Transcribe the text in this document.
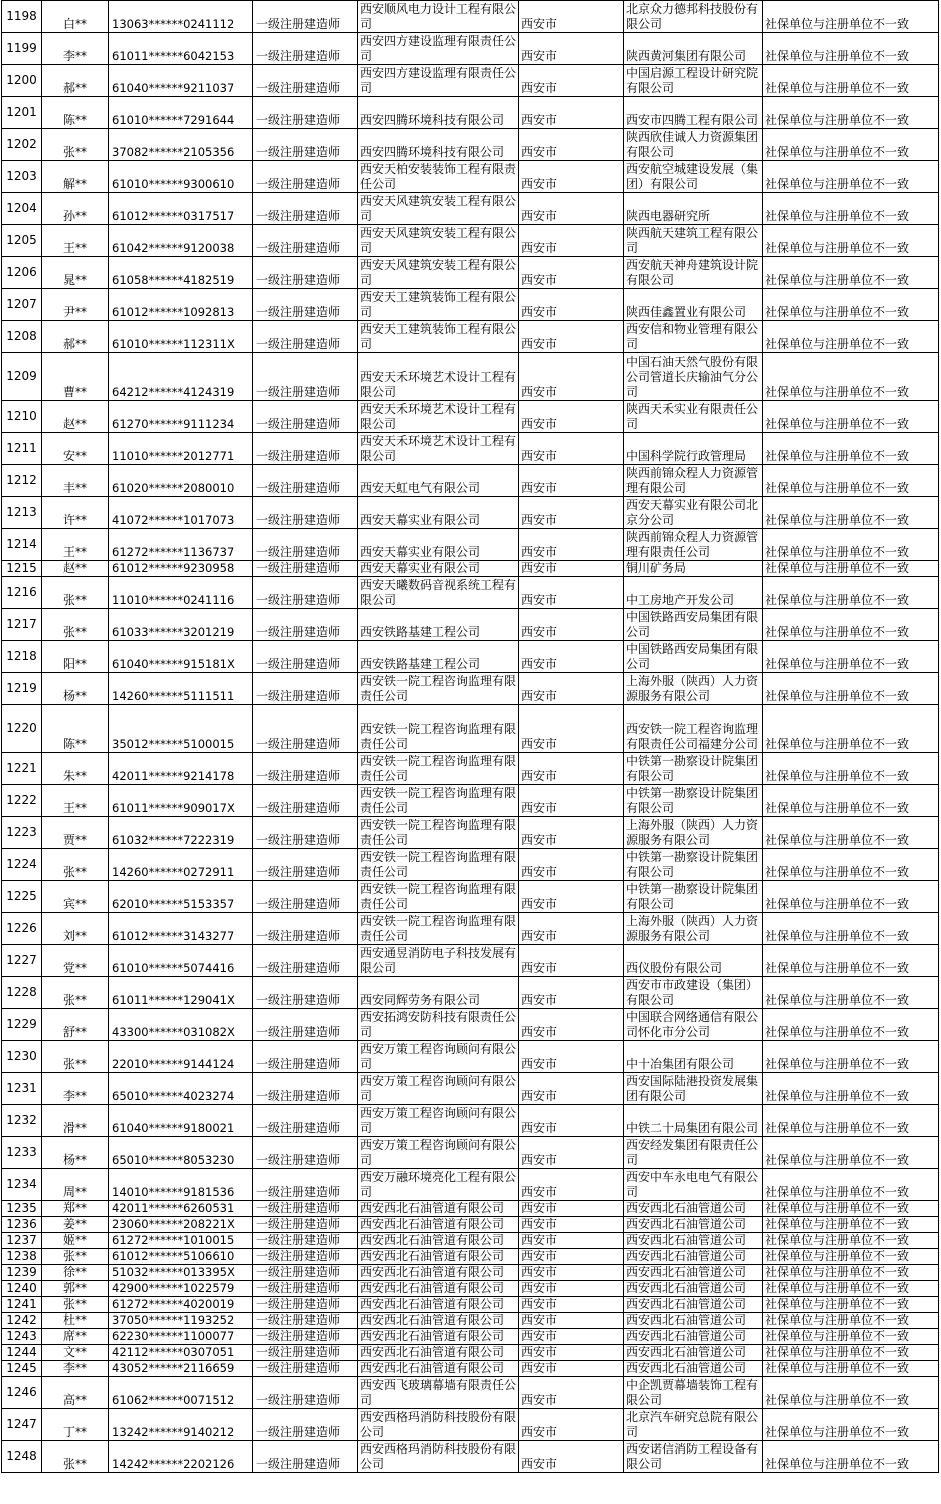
1198	白**	13063******0241112	一级注册建造师	西安顺风电力设计工程有限公司	西安市	北京众力德邦科技股份有限公司	社保单位与注册单位不一致
1199	李**	61011******6042153	一级注册建造师	西安四方建设监理有限责任公司	西安市	陕西黄河集团有限公司	社保单位与注册单位不一致
1200	郝**	61040******9211037	一级注册建造师	西安四方建设监理有限责任公司	西安市	中国启源工程设计研究院有限公司	社保单位与注册单位不一致
1201	陈**	61010******7291644	一级注册建造师	西安四腾环境科技有限公司	西安市	西安市四腾工程有限公司	社保单位与注册单位不一致
1202	张**	37082******2105356	一级注册建造师	西安四腾环境科技有限公司	西安市	陕西欣佳诚人力资源集团有限公司	社保单位与注册单位不一致
1203	解**	61010******9300610	一级注册建造师	西安天柏安装装饰工程有限责任公司	西安市	西安航空城建设发展（集团）有限公司	社保单位与注册单位不一致
1204	孙**	61012******0317517	一级注册建造师	西安天风建筑安装工程有限公司	西安市	陕西电器研究所	社保单位与注册单位不一致
1205	王**	61042******9120038	一级注册建造师	西安天风建筑安装工程有限公司	西安市	陕西航天建筑工程有限公司	社保单位与注册单位不一致
1206	晁**	61058******4182519	一级注册建造师	西安天风建筑安装工程有限公司	西安市	西安航天神舟建筑设计院有限公司	社保单位与注册单位不一致
1207	尹**	61012******1092813	一级注册建造师	西安天工建筑装饰工程有限公司	西安市	陕西佳鑫置业有限公司	社保单位与注册单位不一致
1208	郝**	61010******112311X	一级注册建造师	西安天工建筑装饰工程有限公司	西安市	西安信和物业管理有限公司	社保单位与注册单位不一致
1209	曹**	64212******4124319	一级注册建造师	西安天禾环境艺术设计工程有限公司	西安市	中国石油天然气股份有限公司管道长庆输油气分公司	社保单位与注册单位不一致
1210	赵**	61270******9111234	一级注册建造师	西安天禾环境艺术设计工程有限公司	西安市	陕西天禾实业有限责任公司	社保单位与注册单位不一致
1211	安**	11010******2012771	一级注册建造师	西安天禾环境艺术设计工程有限公司	西安市	中国科学院行政管理局	社保单位与注册单位不一致
1212	丰**	61020******2080010	一级注册建造师	西安天虹电气有限公司	西安市	陕西前锦众程人力资源管理有限公司	社保单位与注册单位不一致
1213	许**	41072******1017073	一级注册建造师	西安天幕实业有限公司	西安市	西安天幕实业有限公司北京分公司	社保单位与注册单位不一致
1214	王**	61272******1136737	一级注册建造师	西安天幕实业有限公司	西安市	陕西前锦众程人力资源管理有限责任公司	社保单位与注册单位不一致
1215	赵**	61012******9230958	一级注册建造师	西安天幕实业有限公司	西安市	铜川矿务局	社保单位与注册单位不一致
1216	张**	11010******0241116	一级注册建造师	西安天曦数码音视系统工程有限公司	西安市	中工房地产开发公司	社保单位与注册单位不一致
1217	张**	61033******3201219	一级注册建造师	西安铁路基建工程公司	西安市	中国铁路西安局集团有限公司	社保单位与注册单位不一致
1218	阳**	61040******915181X	一级注册建造师	西安铁路基建工程公司	西安市	中国铁路西安局集团有限公司	社保单位与注册单位不一致
1219	杨**	14260******5111511	一级注册建造师	西安铁一院工程咨询监理有限责任公司	西安市	上海外服（陕西）人力资源服务有限公司	社保单位与注册单位不一致
1220	陈**	35012******5100015	一级注册建造师	西安铁一院工程咨询监理有限责任公司	西安市	西安铁一院工程咨询监理有限责任公司福建分公司	社保单位与注册单位不一致
1221	朱**	42011******9214178	一级注册建造师	西安铁一院工程咨询监理有限责任公司	西安市	中铁第一勘察设计院集团有限公司	社保单位与注册单位不一致
1222	王**	61011******909017X	一级注册建造师	西安铁一院工程咨询监理有限责任公司	西安市	中铁第一勘察设计院集团有限公司	社保单位与注册单位不一致
1223	贾**	61032******7222319	一级注册建造师	西安铁一院工程咨询监理有限责任公司	西安市	上海外服（陕西）人力资源服务有限公司	社保单位与注册单位不一致
1224	张**	14260******0272911	一级注册建造师	西安铁一院工程咨询监理有限责任公司	西安市	中铁第一勘察设计院集团有限公司	社保单位与注册单位不一致
1225	宾**	62010******5153357	一级注册建造师	西安铁一院工程咨询监理有限责任公司	西安市	中铁第一勘察设计院集团有限公司	社保单位与注册单位不一致
1226	刘**	61012******3143277	一级注册建造师	西安铁一院工程咨询监理有限责任公司	西安市	上海外服（陕西）人力资源服务有限公司	社保单位与注册单位不一致
1227	党**	61010******5074416	一级注册建造师	西安通昱消防电子科技发展有限公司	西安市	西仪股份有限公司	社保单位与注册单位不一致
1228	张**	61011******129041X	一级注册建造师	西安同辉劳务有限公司	西安市	西安市市政建设（集团）有限公司	社保单位与注册单位不一致
1229	舒**	43300******031082X	一级注册建造师	西安拓鸿安防科技有限责任公司	西安市	中国联合网络通信有限公司怀化市分公司	社保单位与注册单位不一致
1230	张**	22010******9144124	一级注册建造师	西安万策工程咨询顾问有限公司	西安市	中十冶集团有限公司	社保单位与注册单位不一致
1231	李**	65010******4023274	一级注册建造师	西安万策工程咨询顾问有限公司	西安市	西安国际陆港投资发展集团有限公司	社保单位与注册单位不一致
1232	滑**	61040******9180021	一级注册建造师	西安万策工程咨询顾问有限公司	西安市	中铁二十局集团有限公司	社保单位与注册单位不一致
1233	杨**	65010******8053230	一级注册建造师	西安万策工程咨询顾问有限公司	西安市	西安经发集团有限责任公司	社保单位与注册单位不一致
1234	周**	14010******9181536	一级注册建造师	西安万融环境亮化工程有限公司	西安市	西安中车永电电气有限公司	社保单位与注册单位不一致
1235	郑**	42011******6260531	一级注册建造师	西安西北石油管道有限公司	西安市	西安西北石油管道公司	社保单位与注册单位不一致
1236	姜**	23060******208221X	一级注册建造师	西安西北石油管道有限公司	西安市	西安西北石油管道公司	社保单位与注册单位不一致
1237	姬**	61272******1010015	一级注册建造师	西安西北石油管道有限公司	西安市	西安西北石油管道公司	社保单位与注册单位不一致
1238	张**	61012******5106610	一级注册建造师	西安西北石油管道有限公司	西安市	西安西北石油管道公司	社保单位与注册单位不一致
1239	徐**	51032******013395X	一级注册建造师	西安西北石油管道有限公司	西安市	西安西北石油管道公司	社保单位与注册单位不一致
1240	郭**	42900******1022579	一级注册建造师	西安西北石油管道有限公司	西安市	西安西北石油管道公司	社保单位与注册单位不一致
1241	张**	61272******4020019	一级注册建造师	西安西北石油管道有限公司	西安市	西安西北石油管道公司	社保单位与注册单位不一致
1242	杜**	37050******1193252	一级注册建造师	西安西北石油管道有限公司	西安市	西安西北石油管道公司	社保单位与注册单位不一致
1243	席**	62230******1100077	一级注册建造师	西安西北石油管道有限公司	西安市	西安西北石油管道公司	社保单位与注册单位不一致
1244	文**	42112******0307051	一级注册建造师	西安西北石油管道有限公司	西安市	西安西北石油管道公司	社保单位与注册单位不一致
1245	李**	43052******2116659	一级注册建造师	西安西北石油管道有限公司	西安市	西安西北石油管道公司	社保单位与注册单位不一致
1246	高**	61062******0071512	一级注册建造师	西安西飞玻璃幕墙有限责任公司	西安市	中企凯贾幕墙装饰工程有限公司	社保单位与注册单位不一致
1247	丁**	13242******9140212	一级注册建造师	西安西格玛消防科技股份有限公司	西安市	北京汽车研究总院有限公司	社保单位与注册单位不一致
1248	张**	14242******2202126	一级注册建造师	西安西格玛消防科技股份有限公司	西安市	西安诺信消防工程设备有限公司	社保单位与注册单位不一致
